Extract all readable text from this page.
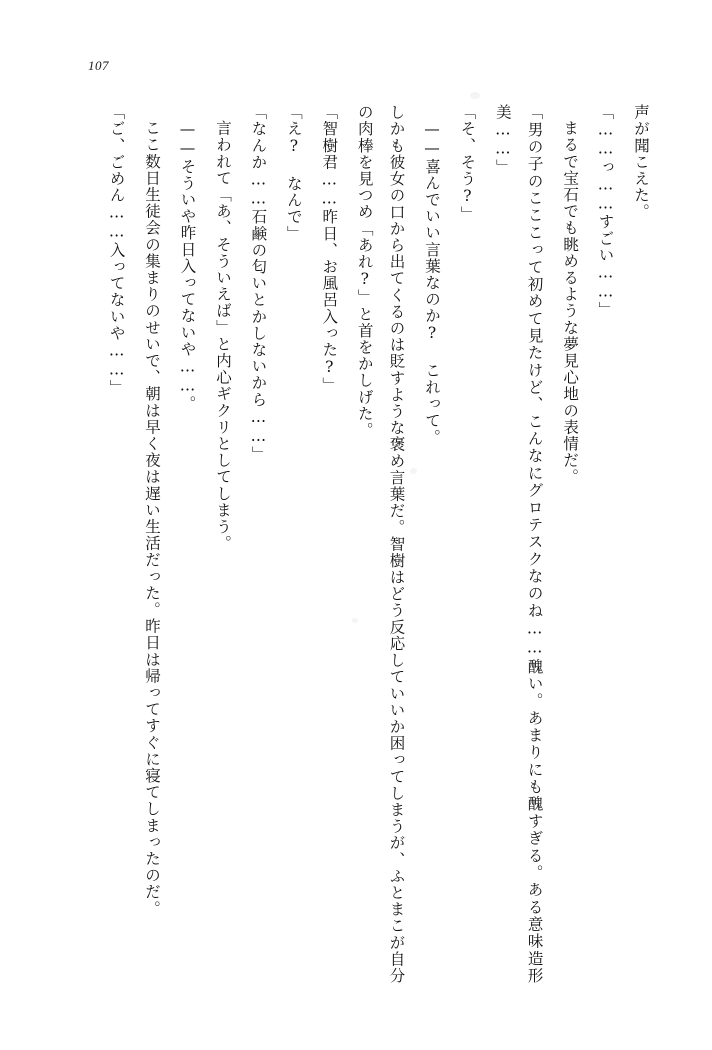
107

声が聞こえた。

「……っ……すごい……」

まるで宝石でも眺めるような夢見心地の表情だ。

「男の子のこここって初めて見たけど、こんなにグロテスクなのね……醜い。あまりにも醜すぎる。ある意味造形美……」

「そ、そう?」

——喜んでいい言葉なのか? これって。

しかも彼女の口から出てくるのは貶すような褒め言葉だ。智樹はどう反応していいか困ってしまうが、ふとまこが自分の肉棒を見つめ「あれ?」と首をかしげた。

「智樹君……昨日、お風呂入った?」

「え? なんで」

「なんか……石鹸の匂いとかしないから……」

言われて「あ、そういえば」と内心ギクリとしてしまう。

——そういや昨日入ってないや……。

ここ数日生徒会の集まりのせいで、朝は早く夜は遅い生活だった。昨日は帰ってすぐに寝てしまったのだ。

「ご、ごめん……入ってないや……」
